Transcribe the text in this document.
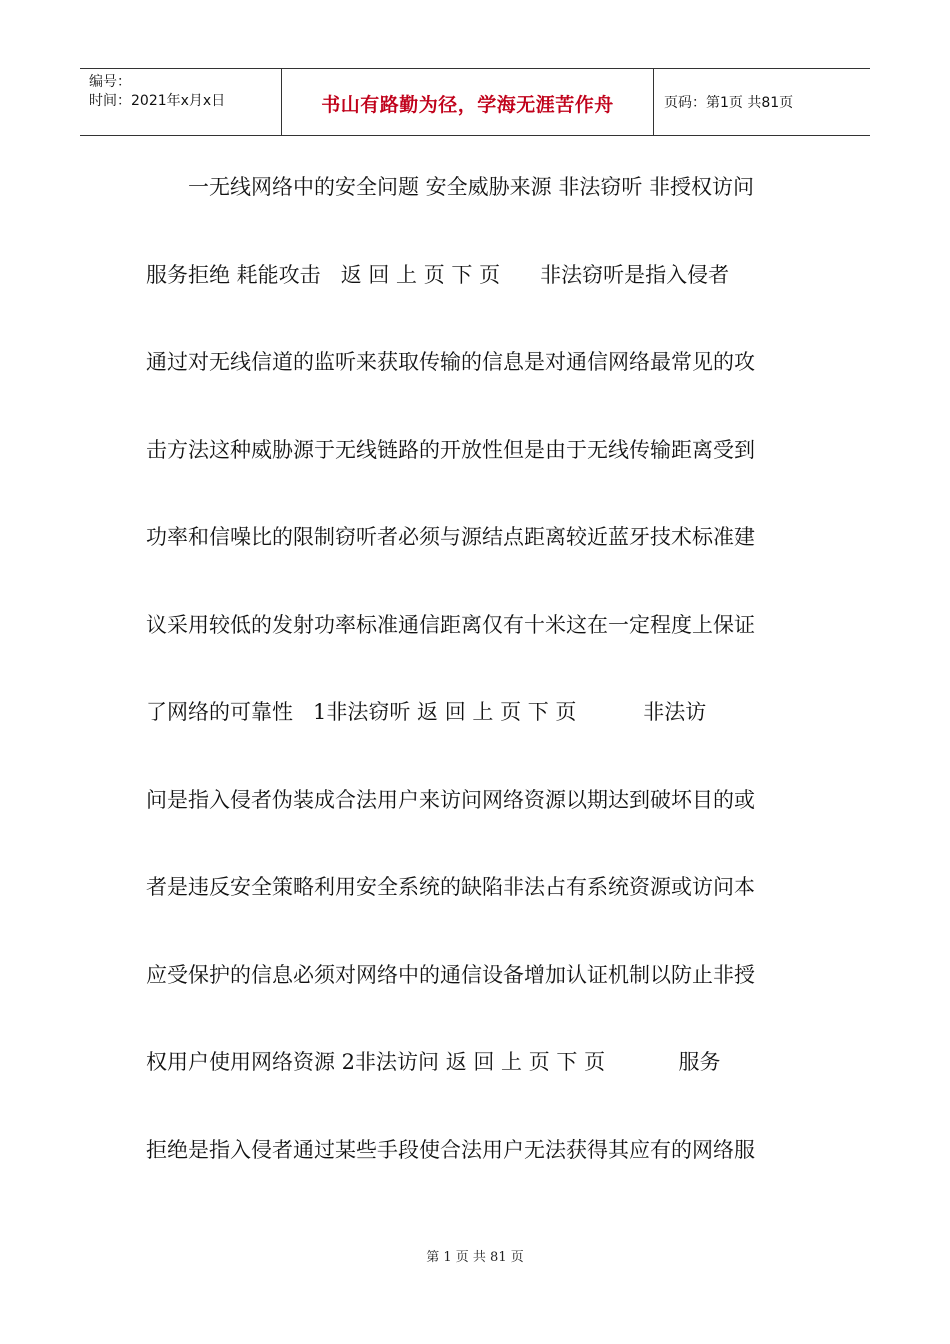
编号：
时间：2021年x月x日	书山有路勤为径，学海无涯苦作舟	页码：第1页 共81页
一无线网络中的安全问题 安全威胁来源 非法窃听 非授权访问
服务拒绝 耗能攻击   返 回 上 页 下 页      非法窃听是指入侵者
通过对无线信道的监听来获取传输的信息是对通信网络最常见的攻
击方法这种威胁源于无线链路的开放性但是由于无线传输距离受到
功率和信噪比的限制窃听者必须与源结点距离较近蓝牙技术标准建
议采用较低的发射功率标准通信距离仅有十米这在一定程度上保证
了网络的可靠性   1非法窃听 返 回 上 页 下 页          非法访
问是指入侵者伪装成合法用户来访问网络资源以期达到破坏目的或
者是违反安全策略利用安全系统的缺陷非法占有系统资源或访问本
应受保护的信息必须对网络中的通信设备增加认证机制以防止非授
权用户使用网络资源 2非法访问 返 回 上 页 下 页           服务
拒绝是指入侵者通过某些手段使合法用户无法获得其应有的网络服
第 1 页 共 81 页
